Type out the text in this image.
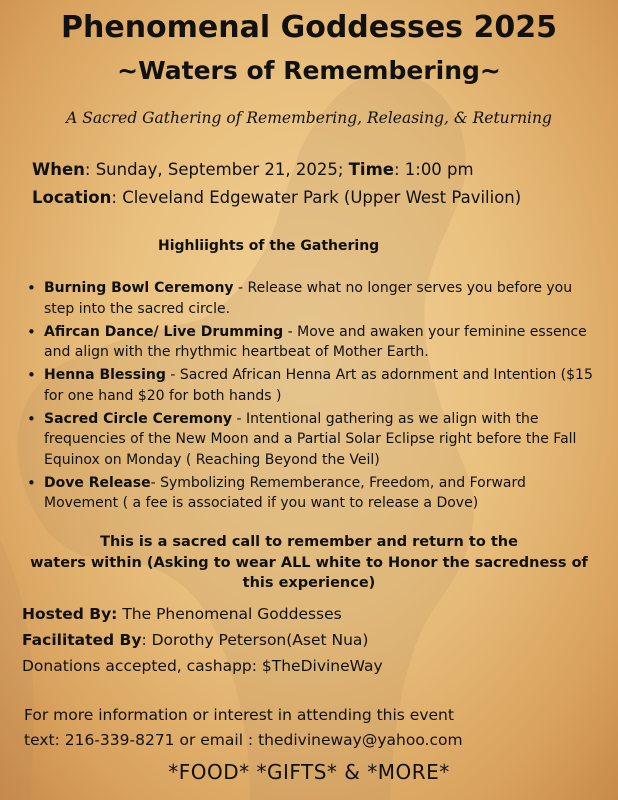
Phenomenal Goddesses 2025
~Waters of Remembering~
A Sacred Gathering of Remembering, Releasing, & Returning
When: Sunday, September 21, 2025; Time: 1:00 pm
Location: Cleveland Edgewater Park (Upper West Pavilion)
Highliights of the Gathering
• Burning Bowl Ceremony - Release what no longer serves you before you step into the sacred circle.
• Afircan Dance/ Live Drumming - Move and awaken your feminine essence and align with the rhythmic heartbeat of Mother Earth.
• Henna Blessing - Sacred African Henna Art as adornment and Intention ($15 for one hand $20 for both hands )
• Sacred Circle Ceremony - Intentional gathering as we align with the frequencies of the New Moon and a Partial Solar Eclipse right before the Fall Equinox on Monday ( Reaching Beyond the Veil)
• Dove Release- Symbolizing Rememberance, Freedom, and Forward Movement ( a fee is associated if you want to release a Dove)
This is a sacred call to remember and return to the
waters within (Asking to wear ALL white to Honor the sacredness of
this experience)
Hosted By: The Phenomenal Goddesses
Facilitated By: Dorothy Peterson(Aset Nua)
Donations accepted, cashapp: $TheDivineWay
For more information or interest in attending this event
text: 216-339-8271 or email : thedivineway@yahoo.com
*FOOD* *GIFTS* & *MORE*
